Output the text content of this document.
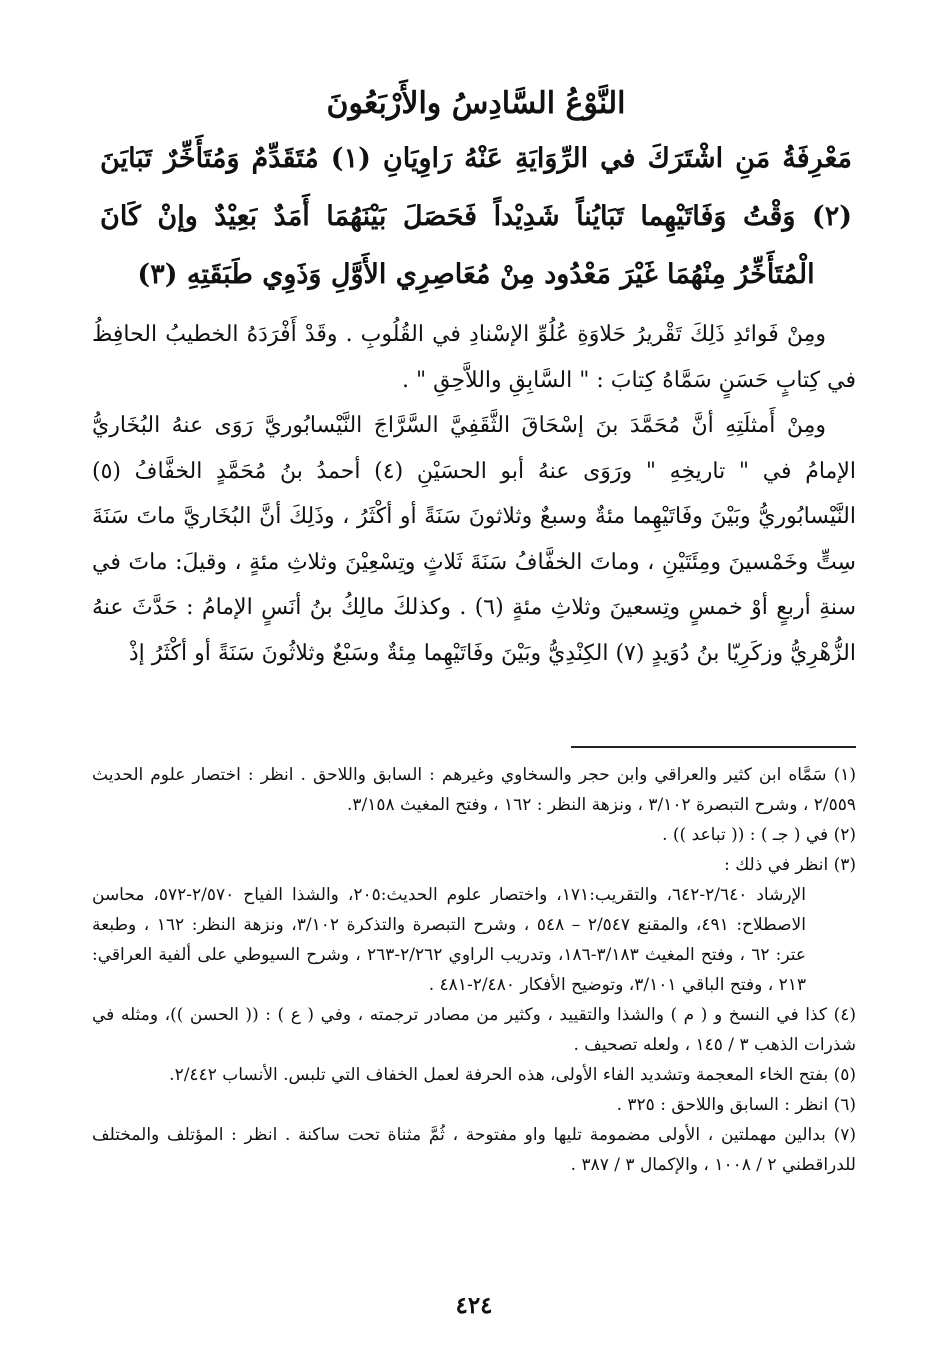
النَّوْعُ السَّادِسُ والأَرْبَعُونَ

مَعْرِفَةُ مَنِ اشْتَرَكَ في الرِّوَايَةِ عَنْهُ رَاوِيَانِ (١) مُتَقَدِّمٌ وَمُتَأَخِّرٌ تَبَايَنَ (٢) وَقْتُ وَفَاتَيْهِما تَبَايُناً شَدِيْداً فَحَصَلَ بَيْنَهُمَا أَمَدٌ بَعِيْدٌ وإنْ كَانَ الْمُتَأَخِّرُ مِنْهُمَا غَيْرَ مَعْدُود مِنْ مُعَاصِرِي الأَوَّلِ وَذَوِي طَبَقَتِهِ (٣)

ومِنْ فَوائدِ ذَلِكَ تَقْريرُ حَلاوَةِ عُلُوِّ الإسْنادِ في القُلُوبِ . وقَدْ أَفْرَدَهُ الخطيبُ الحافِظُ في كِتابٍ حَسَنٍ سَمَّاهُ كِتابَ : " السَّابِقِ واللاَّحِقِ " .

ومِنْ أَمثلَتِهِ أنَّ مُحَمَّدَ بنَ إسْحَاقَ الثَّقَفِيَّ السَّرَّاجَ النَّيْسابُوريَّ رَوَى عنهُ البُخَاريُّ الإمامُ في " تاريخِهِ " ورَوَى عنهُ أبو الحسَيْنِ (٤) أحمدُ بنُ مُحَمَّدٍ الخفَّافُ (٥) النَّيْسابُوريُّ وبَيْنَ وفَاتَيْهِما مئةٌ وسبعٌ وثلاثونَ سَنَةً أو أكْثَرُ ، وذَلِكَ أنَّ البُخَاريَّ ماتَ سَنَةَ سِتٍّ وخَمْسينَ ومِئَتَيْنِ ، وماتَ الخفَّافُ سَنَةَ ثَلاثٍ وتِسْعِيْنَ وثلاثِ مئةٍ ، وقيلَ: ماتَ في سنةِ أربعٍ أوْ خمسٍ وتِسعينَ وثلاثِ مئةٍ (٦) . وكذلكَ مالِكُ بنُ أنَسٍ الإمامُ : حَدَّثَ عنهُ الزُّهْرِيُّ وزكَرِيّا بنُ دُوَيدٍ (٧) الكِنْدِيُّ وبَيْنَ وفَاتَيْهِما مِئةٌ وسَبْعٌ وثلاثُونَ سَنَةً أو أكْثَرُ إذْ

(١) سَمَّاه ابن كثير والعراقي وابن حجر والسخاوي وغيرهم : السابق واللاحق . انظر : اختصار علوم الحديث ٢/٥٥٩ ، وشرح التبصرة ٣/١٠٢ ، ونزهة النظر : ١٦٢ ، وفتح المغيث ٣/١٥٨.

(٢) في ( جـ ) : (( تباعد )) .

(٣) انظر في ذلك :

الإرشاد ٢/٦٤٠-٦٤٢، والتقريب:١٧١، واختصار علوم الحديث:٢٠٥، والشذا الفياح ٢/٥٧٠-٥٧٢، محاسن الاصطلاح: ٤٩١، والمقنع ٢/٥٤٧ – ٥٤٨ ، وشرح التبصرة والتذكرة ٣/١٠٢، ونزهة النظر: ١٦٢ ، وطبعة عتر: ٦٢ ، وفتح المغيث ٣/١٨٣-١٨٦، وتدريب الراوي ٢/٢٦٢-٢٦٣ ، وشرح السيوطي على ألفية العراقي: ٢١٣ ، وفتح الباقي ٣/١٠١، وتوضيح الأفكار ٢/٤٨٠-٤٨١ .

(٤) كذا في النسخ و ( م ) والشذا والتقييد ، وكثير من مصادر ترجمته ، وفي ( ع ) : (( الحسن ))، ومثله في شذرات الذهب ٣ / ١٤٥ ، ولعله تصحيف .

(٥) بفتح الخاء المعجمة وتشديد الفاء الأولى، هذه الحرفة لعمل الخفاف التي تلبس. الأنساب ٢/٤٤٢.

(٦) انظر : السابق واللاحق : ٣٢٥ .

(٧) بدالين مهملتين ، الأولى مضمومة تليها واو مفتوحة ، ثُمَّ مثناة تحت ساكنة . انظر : المؤتلف والمختلف للدراقطني ٢ / ١٠٠٨ ، والإكمال ٣ / ٣٨٧ .

٤٢٤
